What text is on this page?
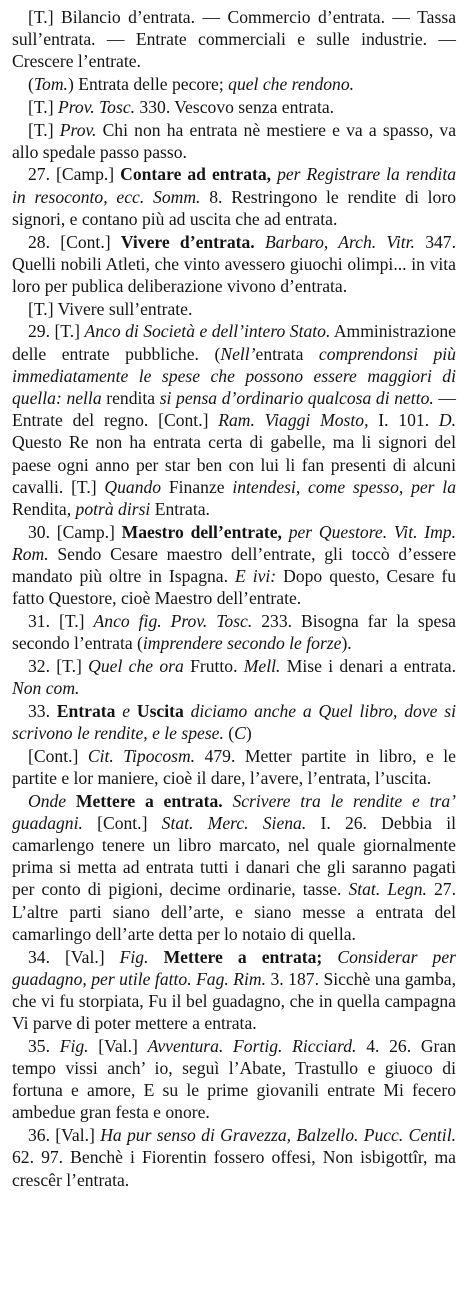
[T.] Bilancio d’entrata. — Commercio d’entrata. — Tassa sull’entrata. — Entrate commerciali e sulle industrie. — Crescere l’entrate.

(Tom.) Entrata delle pecore; quel che rendono.

[T.] Prov. Tosc. 330. Vescovo senza entrata.

[T.] Prov. Chi non ha entrata nè mestiere e va a spasso, va allo spedale passo passo.

27. [Camp.] Contare ad entrata, per Registrare la rendita in resoconto, ecc. Somm. 8. Restringono le rendite di loro signori, e contano più ad uscita che ad entrata.

28. [Cont.] Vivere d’entrata. Barbaro, Arch. Vitr. 347. Quelli nobili Atleti, che vinto avessero giuochi olimpi... in vita loro per publica deliberazione vivono d’entrata.

[T.] Vivere sull’entrate.

29. [T.] Anco di Società e dell’intero Stato. Amministrazione delle entrate pubbliche. (Nell’entrata comprendonsi più immediatamente le spese che possono essere maggiori di quella: nella rendita si pensa d’ordinario qualcosa di netto. — Entrate del regno. [Cont.] Ram. Viaggi Mosto, I. 101. D. Questo Re non ha entrata certa di gabelle, ma li signori del paese ogni anno per star ben con lui li fan presenti di alcuni cavalli. [T.] Quando Finanze intendesi, come spesso, per la Rendita, potrà dirsi Entrata.

30. [Camp.] Maestro dell’entrate, per Questore. Vit. Imp. Rom. Sendo Cesare maestro dell’entrate, gli toccò d’essere mandato più oltre in Ispagna. E ivi: Dopo questo, Cesare fu fatto Questore, cioè Maestro dell’entrate.

31. [T.] Anco fig. Prov. Tosc. 233. Bisogna far la spesa secondo l’entrata (imprendere secondo le forze).

32. [T.] Quel che ora Frutto. Mell. Mise i denari a entrata. Non com.

33. Entrata e Uscita diciamo anche a Quel libro, dove si scrivono le rendite, e le spese. (C)

[Cont.] Cit. Tipocosm. 479. Metter partite in libro, e le partite e lor maniere, cioè il dare, l’avere, l’entrata, l’uscita.

Onde Mettere a entrata. Scrivere tra le rendite e tra’ guadagni. [Cont.] Stat. Merc. Siena. I. 26. Debbia il camarlengo tenere un libro marcato, nel quale giornalmente prima si metta ad entrata tutti i danari che gli saranno pagati per conto di pigioni, decime ordinarie, tasse. Stat. Legn. 27. L’altre parti siano dell’arte, e siano messe a entrata del camarlingo dell’arte detta per lo notaio di quella.

34. [Val.] Fig. Mettere a entrata; Considerar per guadagno, per utile fatto. Fag. Rim. 3. 187. Sicchè una gamba, che vi fu storpiata, Fu il bel guadagno, che in quella campagna Vi parve di poter mettere a entrata.

35. Fig. [Val.] Avventura. Fortig. Ricciard. 4. 26. Gran tempo vissi anch’ io, seguì l’Abate, Trastullo e giuoco di fortuna e amore, E su le prime giovanili entrate Mi fecero ambedue gran festa e onore.

36. [Val.] Ha pur senso di Gravezza, Balzello. Pucc. Centil. 62. 97. Benchè i Fiorentin fossero offesi, Non isbigottîr, ma crescêr l’entrata.
